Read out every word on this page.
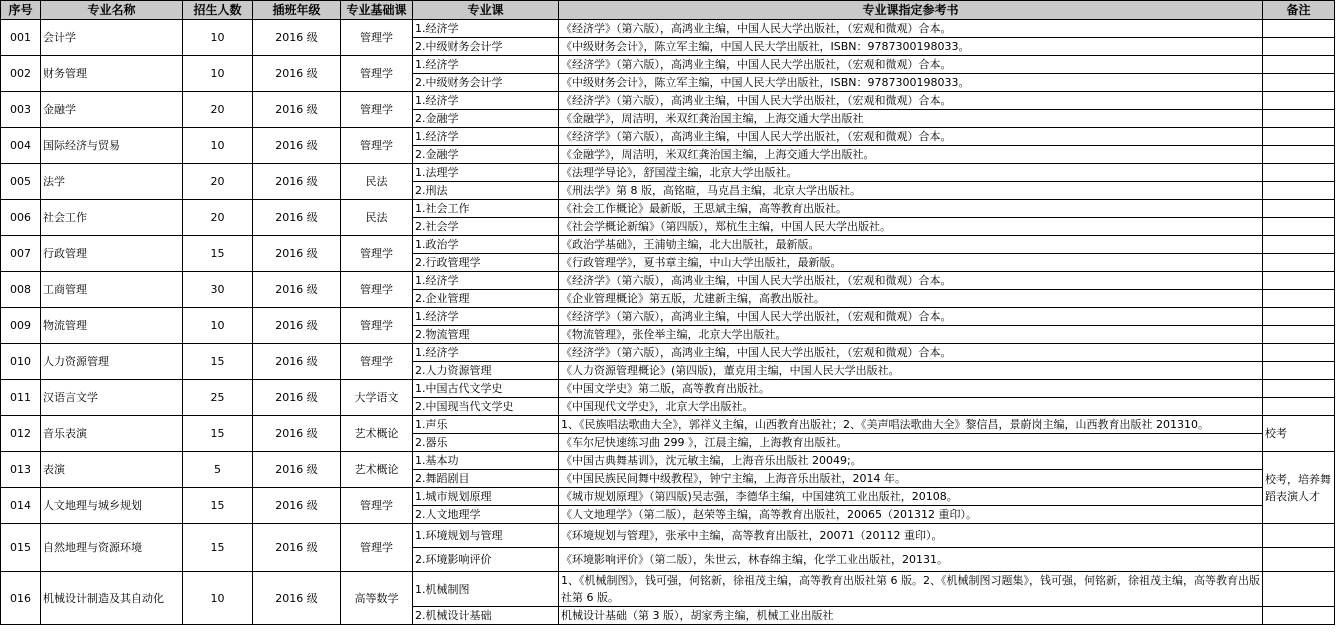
序号	专业名称	招生人数	插班年级	专业基础课	专业课	专业课指定参考书	备注
001	会计学	10	2016 级	管理学	1.经济学	《经济学》（第六版），高鸿业主编，中国人民大学出版社，（宏观和微观）合本。	
					2.中级财务会计学	《中级财务会计》，陈立军主编，中国人民大学出版社，ISBN：9787300198033。	
002	财务管理	10	2016 级	管理学	1.经济学	《经济学》（第六版），高鸿业主编，中国人民大学出版社，（宏观和微观）合本。	
					2.中级财务会计学	《中级财务会计》，陈立军主编，中国人民大学出版社，ISBN：9787300198033。	
003	金融学	20	2016 级	管理学	1.经济学	《经济学》（第六版），高鸿业主编，中国人民大学出版社，（宏观和微观）合本。	
					2.金融学	《金融学》，周洁明，米双红龚治国主编，上海交通大学出版社	
004	国际经济与贸易	10	2016 级	管理学	1.经济学	《经济学》（第六版），高鸿业主编，中国人民大学出版社，（宏观和微观）合本。	
					2.金融学	《金融学》，周洁明，米双红龚治国主编，上海交通大学出版社。	
005	法学	20	2016 级	民法	1.法理学	《法理学导论》，舒国滢主编，北京大学出版社。	
					2.刑法	《刑法学》第 8 版，高铭暄，马克昌主编，北京大学出版社。	
006	社会工作	20	2016 级	民法	1.社会工作	《社会工作概论》最新版，王思斌主编，高等教育出版社。	
					2.社会学	《社会学概论新编》（第四版），郑杭生主编，中国人民大学出版社。	
007	行政管理	15	2016 级	管理学	1.政治学	《政治学基础》，王浦劬主编，北大出版社，最新版。	
					2.行政管理学	《行政管理学》，夏书章主编，中山大学出版社，最新版。	
008	工商管理	30	2016 级	管理学	1.经济学	《经济学》（第六版），高鸿业主编，中国人民大学出版社，（宏观和微观）合本。	
					2.企业管理	《企业管理概论》第五版，尤建新主编，高教出版社。	
009	物流管理	10	2016 级	管理学	1.经济学	《经济学》（第六版），高鸿业主编，中国人民大学出版社，（宏观和微观）合本。	
					2.物流管理	《物流管理》，张佺举主编，北京大学出版社。	
010	人力资源管理	15	2016 级	管理学	1.经济学	《经济学》（第六版），高鸿业主编，中国人民大学出版社，（宏观和微观）合本。	
					2.人力资源管理	《人力资源管理概论》(第四版)，董克用主编，中国人民大学出版社。	
011	汉语言文学	25	2016 级	大学语文	1.中国古代文学史	《中国文学史》第二版，高等教育出版社。	
					2.中国现当代文学史	《中国现代文学史》，北京大学出版社。	
012	音乐表演	15	2016 级	艺术概论	1.声乐	1、《民族唱法歌曲大全》，郭祥义主编，山西教育出版社；2、《美声唱法歌曲大全》黎信昌，景蔚岗主编，山西教育出版社 201310。	校考
					2.器乐	《车尔尼快速练习曲 299 》，江晨主编，上海教育出版社。	
013	表演	5	2016 级	艺术概论	1.基本功	《中国古典舞基训》，沈元敏主编，上海音乐出版社 20049;。	校考，培养舞蹈表演人才
					2.舞蹈剧目	《中国民族民间舞中级教程》，钟宁主编，上海音乐出版社，2014 年。	
014	人文地理与城乡规划	15	2016 级	管理学	1.城市规划原理	《城市规划原理》（第四版)吴志强，李德华主编，中国建筑工业出版社，20108。	
					2.人文地理学	《人文地理学》（第二版），赵荣等主编，高等教育出版社，20065（201312 重印）。	
015	自然地理与资源环境	15	2016 级	管理学	1.环境规划与管理	《环境规划与管理》，张承中主编，高等教育出版社，20071（20112 重印）。	
					2.环境影响评价	《环境影响评价》（第二版），朱世云，林春绵主编，化学工业出版社，20131。	
016	机械设计制造及其自动化	10	2016 级	高等数学	1.机械制图	1、《机械制图》，钱可强，何铭新，徐祖茂主编，高等教育出版社第 6 版。2、《机械制图习题集》，钱可强，何铭新，徐祖茂主编，高等教育出版社第 6 版。	
					2.机械设计基础	机械设计基础（第 3 版），胡家秀主编，机械工业出版社	
